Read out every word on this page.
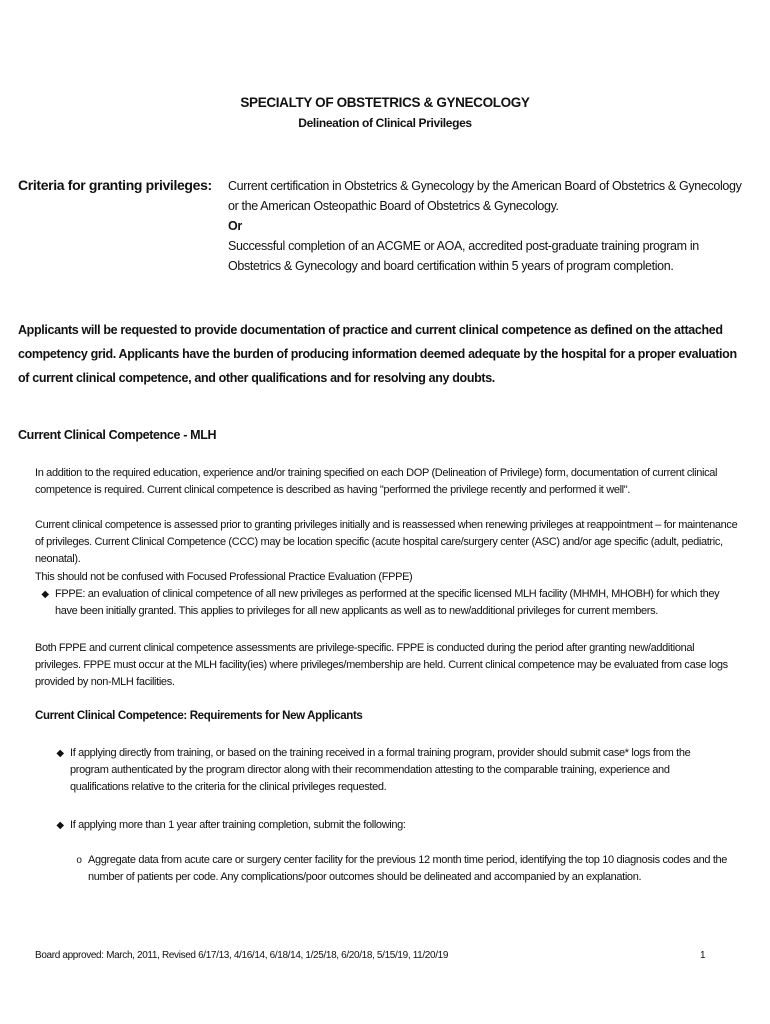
SPECIALTY OF OBSTETRICS & GYNECOLOGY
Delineation of Clinical Privileges
Criteria for granting privileges: Current certification in Obstetrics & Gynecology by the American Board of Obstetrics & Gynecology or the American Osteopathic Board of Obstetrics & Gynecology.

Or

Successful completion of an ACGME or AOA, accredited post-graduate training program in Obstetrics & Gynecology and board certification within 5 years of program completion.

Applicants will be requested to provide documentation of practice and current clinical competence as defined on the attached competency grid. Applicants have the burden of producing information deemed adequate by the hospital for a proper evaluation of current clinical competence, and other qualifications and for resolving any doubts.
Current Clinical Competence - MLH
In addition to the required education, experience and/or training specified on each DOP (Delineation of Privilege) form, documentation of current clinical competence is required. Current clinical competence is described as having "performed the privilege recently and performed it well".
Current clinical competence is assessed prior to granting privileges initially and is reassessed when renewing privileges at reappointment – for maintenance of privileges. Current Clinical Competence (CCC) may be location specific (acute hospital care/surgery center (ASC) and/or age specific (adult, pediatric, neonatal).

This should not be confused with Focused Professional Practice Evaluation (FPPE)

◆ FPPE: an evaluation of clinical competence of all new privileges as performed at the specific licensed MLH facility (MHMH, MHOBH) for which they have been initially granted. This applies to privileges for all new applicants as well as to new/additional privileges for current members.
Both FPPE and current clinical competence assessments are privilege-specific. FPPE is conducted during the period after granting new/additional privileges. FPPE must occur at the MLH facility(ies) where privileges/membership are held. Current clinical competence may be evaluated from case logs provided by non-MLH facilities.
Current Clinical Competence: Requirements for New Applicants
◆ If applying directly from training, or based on the training received in a formal training program, provider should submit case* logs from the program authenticated by the program director along with their recommendation attesting to the comparable training, experience and qualifications relative to the criteria for the clinical privileges requested.
◆ If applying more than 1 year after training completion, submit the following:
o Aggregate data from acute care or surgery center facility for the previous 12 month time period, identifying the top 10 diagnosis codes and the number of patients per code. Any complications/poor outcomes should be delineated and accompanied by an explanation.
Board approved: March, 2011, Revised 6/17/13, 4/16/14, 6/18/14, 1/25/18, 6/20/18, 5/15/19, 11/20/19	1
